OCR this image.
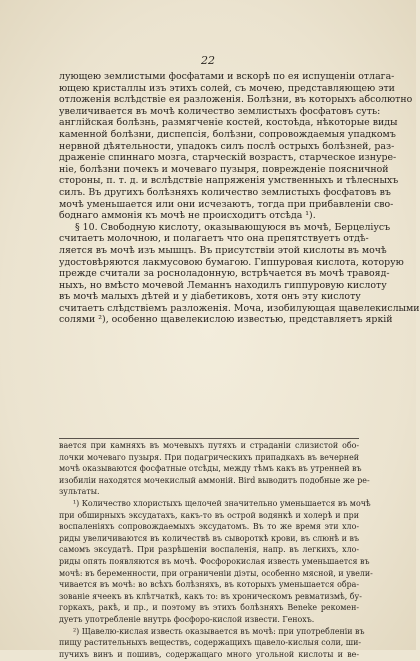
22
лующею землистыми фосфатами и вскорѣ по ея испущеніи отлага-
ющею кристаллы изъ этихъ солей, съ мочею, представляющею эти
отложенія вслѣдствіе ея разложенія. Болѣзни, въ которыхъ абсолютно
увеличивается въ мочѣ количество землистыхъ фосфатовъ суть:
англійская болѣзнь, размягченіе костей, костоѣда, нѣкоторые виды
каменной болѣзни, диспепсія, болѣзни, сопровождаемыя упадкомъ
нервной дѣятельности, упадокъ силъ послѣ острыхъ болѣзней, раз-
драженіе спиннаго мозга, старческій возрастъ, старческое изнуре-
ніе, болѣзни почекъ и мочеваго пузыря, поврежденіе поясничной
стороны, п. т. д. и вслѣдствіе напряженія умственныхъ и тѣлесныхъ
силъ. Въ другихъ болѣзняхъ количество землистыхъ фосфатовъ въ
мочѣ уменьшается или они исчезаютъ, тогда при прибавленіи сво-
боднаго аммонія къ мочѣ не происходитъ отсѣда ¹).
§ 10. Свободную кислоту, оказывающуюся въ мочѣ, Берцеліусъ
считаетъ молочною, и полагаетъ что она препятствуетъ отдѣ-
ляется въ мочѣ изъ мышцъ. Въ присутствіи этой кислоты въ мочѣ
удостовѣряются лакмусовою бумагою. Гиппуровая кислота, которую
прежде считали за росноладонную, встрѣчается въ мочѣ травояд-
ныхъ, но вмѣсто мочевой Леманнъ находилъ гиппуровую кислоту
въ мочѣ малыхъ дѣтей и у діабетиковъ, хотя онъ эту кислоту
считаетъ слѣдствіемъ разложенія. Моча, изобилующая щавелекислыми
солями ²), особенно щавелекислою известью, представляетъ яркій
вается при камняхъ въ мочевыхъ путяхъ и страданіи слизистой обо-
лочки мочеваго пузыря. При подагрическихъ припадкахъ въ вечерней
мочѣ оказываются фосфатные отсѣды, между тѣмъ какъ въ утренней въ
изобиліи находятся мочекислый аммоній. Bird выводитъ подобные же ре-
зультаты.
¹) Количество хлористыхъ щелочей значительно уменьшается въ мочѣ
при обширныхъ эксудатахъ, какъ-то въ острой водянкѣ и холерѣ и при
воспаленіяхъ сопровождаемыхъ эксудатомъ. Въ то же время эти хло-
риды увеличиваются въ количествѣ въ сывороткѣ крови, въ слюнѣ и въ
самомъ эксудатѣ. При разрѣшеніи воспаленія, напр. въ легкихъ, хло-
риды опять появляются въ мочѣ. Фосфорокислая известь уменьшается въ
мочѣ: въ беременности, при ограниченіи діэты, особенно мясной, и увели-
чивается въ мочѣ: во всѣхъ болѣзняхъ, въ которыхъ уменьшается обра-
зованіе ячеекъ въ клѣтчаткѣ, какъ то: въ хроническомъ ревматизмѣ, бу-
горкахъ, ракѣ, и пр., и поэтому въ этихъ болѣзняхъ Beneke рекомен-
дуетъ употребленіе внутрь фосфоро-кислой извести. Генохъ.
²) Щавелю-кислая известь оказывается въ мочѣ: при употребленіи въ
пищу растительныхъ веществъ, содержащихъ щавело-кислыя соли, ши-
пучихъ винъ и пошивъ, содержащаго много угольной кислоты и ве-
